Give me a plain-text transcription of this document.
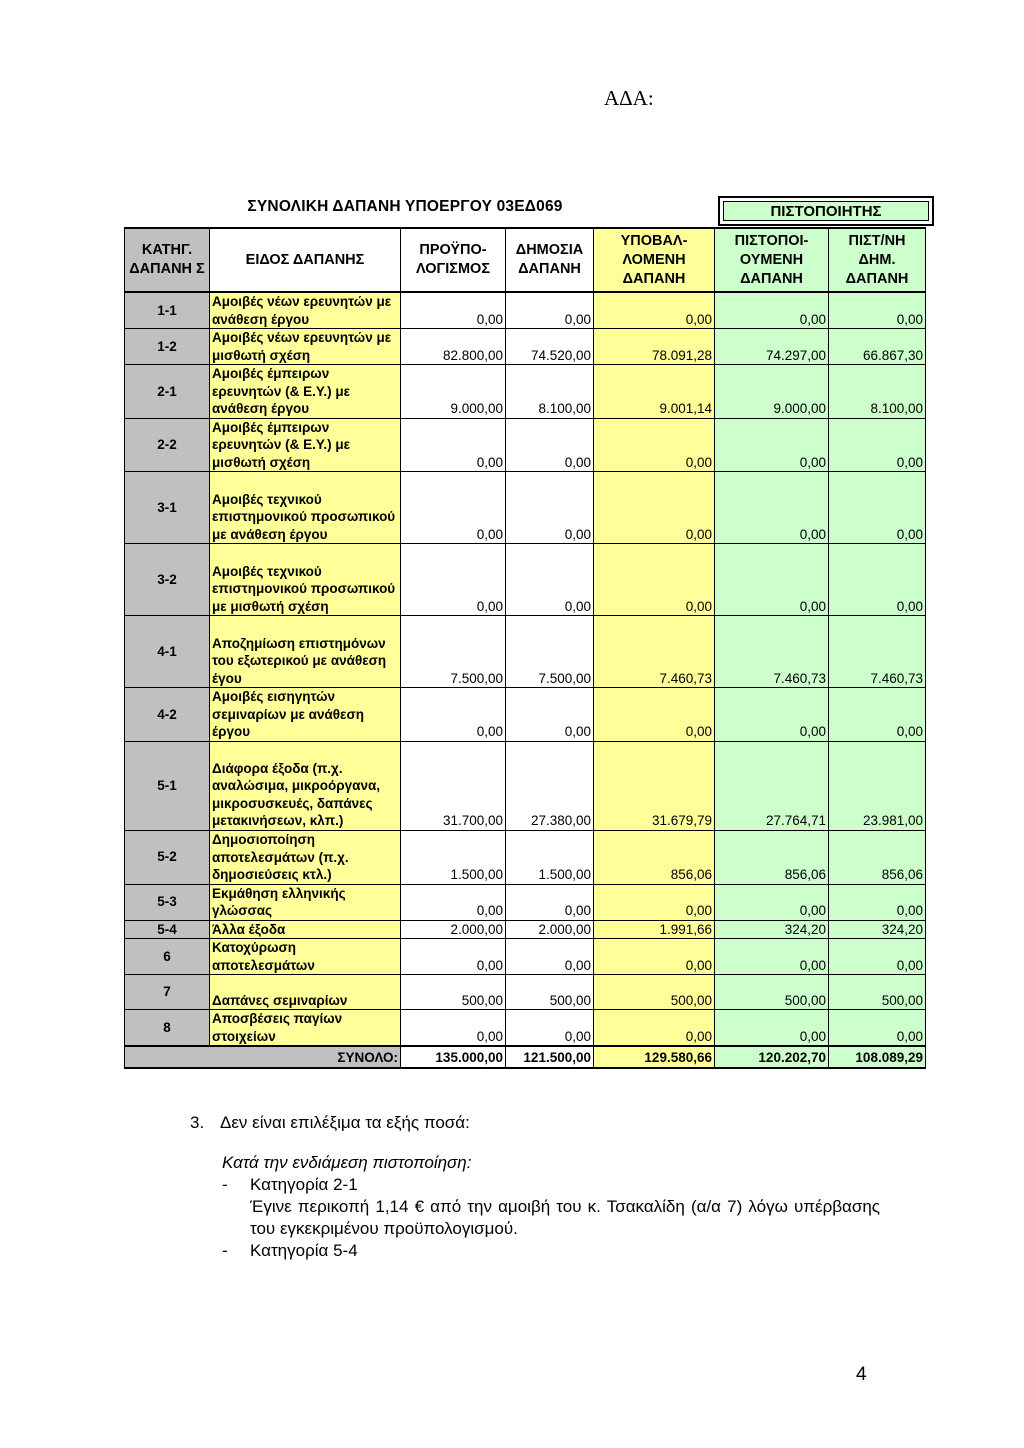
ΑΔΑ:
ΣΥΝΟΛΙΚΗ ΔΑΠΑΝΗ ΥΠΟΕΡΓΟΥ 03ΕΔ069	ΠΙΣΤΟΠΟΙΗΤΗΣ
ΚΑΤΗΓ. ΔΑΠΑΝΗ Σ	ΕΙΔΟΣ ΔΑΠΑΝΗΣ	ΠΡΟΫΠΟ-ΛΟΓΙΣΜΟΣ	ΔΗΜΟΣΙΑ ΔΑΠΑΝΗ	ΥΠΟΒΑΛ-ΛΟΜΕΝΗ ΔΑΠΑΝΗ	ΠΙΣΤΟΠΟΙ-ΟΥΜΕΝΗ ΔΑΠΑΝΗ	ΠΙΣΤ/ΝΗ ΔΗΜ. ΔΑΠΑΝΗ
1-1	Αμοιβές νέων ερευνητών με ανάθεση έργου	0,00	0,00	0,00	0,00	0,00
1-2	Αμοιβές νέων ερευνητών με μισθωτή σχέση	82.800,00	74.520,00	78.091,28	74.297,00	66.867,30
2-1	Αμοιβές έμπειρων ερευνητών (& Ε.Υ.) με ανάθεση έργου	9.000,00	8.100,00	9.001,14	9.000,00	8.100,00
2-2	Αμοιβές έμπειρων ερευνητών (& Ε.Υ.) με μισθωτή σχέση	0,00	0,00	0,00	0,00	0,00
3-1	Αμοιβές τεχνικού επιστημονικού προσωπικού με ανάθεση έργου	0,00	0,00	0,00	0,00	0,00
3-2	Αμοιβές τεχνικού επιστημονικού προσωπικού με μισθωτή σχέση	0,00	0,00	0,00	0,00	0,00
4-1	Αποζημίωση επιστημόνων του εξωτερικού με ανάθεση έγου	7.500,00	7.500,00	7.460,73	7.460,73	7.460,73
4-2	Αμοιβές εισηγητών σεμιναρίων με ανάθεση έργου	0,00	0,00	0,00	0,00	0,00
5-1	Διάφορα έξοδα (π.χ. αναλώσιμα, μικροόργανα, μικροσυσκευές, δαπάνες μετακινήσεων, κλπ.)	31.700,00	27.380,00	31.679,79	27.764,71	23.981,00
5-2	Δημοσιοποίηση αποτελεσμάτων (π.χ. δημοσιεύσεις κτλ.)	1.500,00	1.500,00	856,06	856,06	856,06
5-3	Εκμάθηση ελληνικής γλώσσας	0,00	0,00	0,00	0,00	0,00
5-4	Άλλα έξοδα	2.000,00	2.000,00	1.991,66	324,20	324,20
6	Κατοχύρωση αποτελεσμάτων	0,00	0,00	0,00	0,00	0,00
7	Δαπάνες σεμιναρίων	500,00	500,00	500,00	500,00	500,00
8	Αποσβέσεις παγίων στοιχείων	0,00	0,00	0,00	0,00	0,00
ΣΥΝΟΛΟ:		135.000,00	121.500,00	129.580,66	120.202,70	108.089,29
3. Δεν είναι επιλέξιμα τα εξής ποσά:
Κατά την ενδιάμεση πιστοποίηση:
-	Κατηγορία 2-1
Έγινε περικοπή 1,14 € από την αμοιβή του κ. Τσακαλίδη (α/α 7) λόγω υπέρβασης του εγκεκριμένου προϋπολογισμού.
-	Κατηγορία 5-4
4
